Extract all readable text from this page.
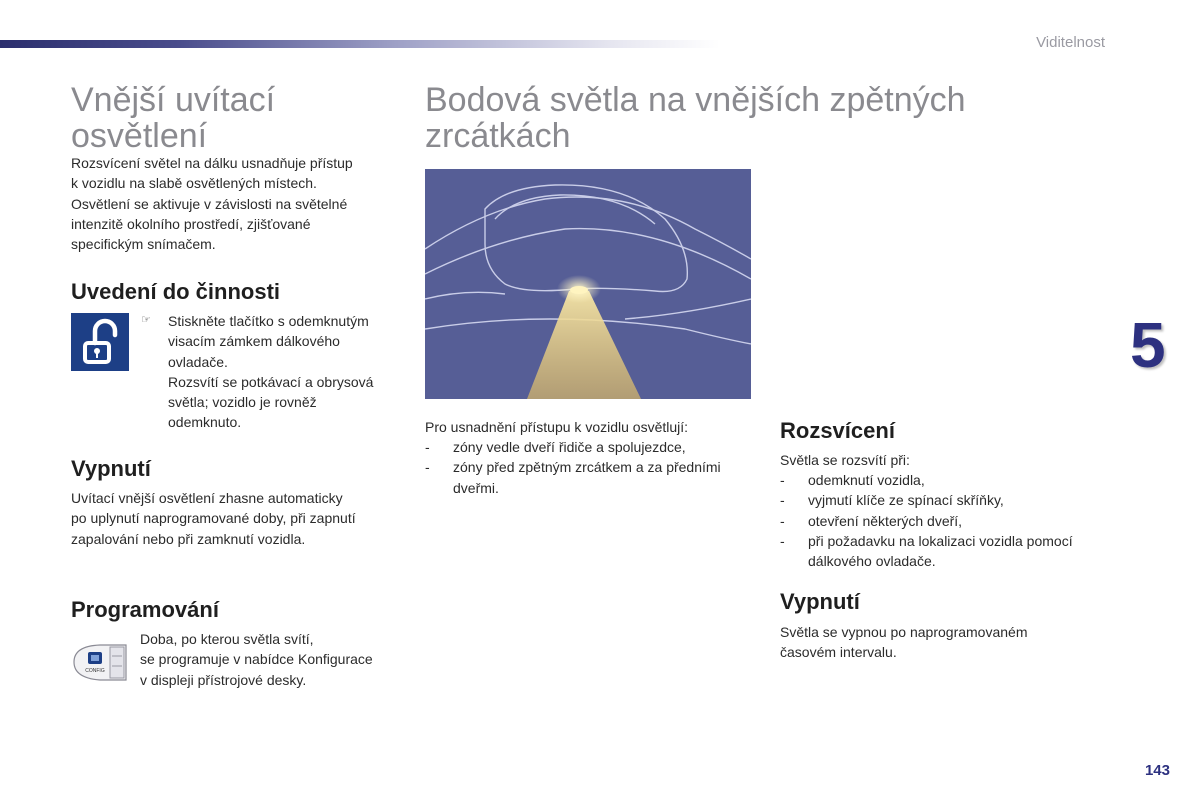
Viditelnost
5
143
Vnější uvítací
osvětlení

Rozsvícení světel na dálku usnadňuje přístup
k vozidlu na slabě osvětlených místech.
Osvětlení se aktivuje v závislosti na světelné
intenzitě okolního prostředí, zjišťované
specifickým snímačem.

Uvedení do činnosti
☞ Stiskněte tlačítko s odemknutým
visacím zámkem dálkového
ovladače.
Rozsvítí se potkávací a obrysová
světla; vozidlo je rovněž
odemknuto.

Vypnutí

Uvítací vnější osvětlení zhasne automaticky
po uplynutí naprogramované doby, při zapnutí
zapalování nebo při zamknutí vozidla.

Programování
CONFIG

Doba, po kterou světla svítí,
se programuje v nabídce Konfigurace
v displeji přístrojové desky.

Bodová světla na vnějších zpětných
zrcátkách

Pro usnadnění přístupu k vozidlu osvětlují:

- zóny vedle dveří řidiče a spolujezdce,
- zóny před zpětným zrcátkem a za předními

dveřmi.

Rozsvícení

Světla se rozsvítí při:

- odemknutí vozidla,
- vyjmutí klíče ze spínací skříňky,
- otevření některých dveří,
- při požadavku na lokalizaci vozidla pomocí

dálkového ovladače.

Vypnutí

Světla se vypnou po naprogramovaném
časovém intervalu.
